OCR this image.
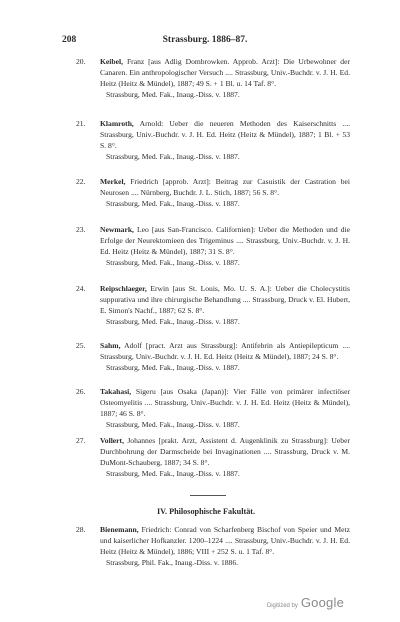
208	Strassburg. 1886–87.
20. Keibel, Franz [aus Adlig Dombrowken. Approb. Arzt]: Die Urbewohner der Canaren. Ein anthropologischer Versuch .... Strassburg, Univ.-Buchdr. v. J. H. Ed. Heitz (Heitz & Mündel), 1887; 49 S. + 1 Bl. u. 14 Taf. 8°.
Strassburg, Med. Fak., Inaug.-Diss. v. 1887.
21. Klamroth, Arnold: Ueber die neueren Methoden des Kaiserschnitts .... Strassburg, Univ.-Buchdr. v. J. H. Ed. Heitz (Heitz & Mündel), 1887; 1 Bl. + 53 S. 8°.
Strassburg, Med. Fak., Inaug.-Diss. v. 1887.
22. Merkel, Friedrich [approb. Arzt]: Beitrag zur Casuistik der Castration bei Neurosen .... Nürnberg, Buchdr. J. L. Stich, 1887; 56 S. 8°.
Strassburg, Med. Fak., Inaug.-Diss. v. 1887.
23. Newmark, Leo [aus San-Francisco. Californien]: Ueber die Methoden und die Erfolge der Neurektomieen des Trigeminus .... Strassburg, Univ.-Buchdr. v. J. H. Ed. Heitz (Heitz & Mündel), 1887; 31 S. 8°.
Strassburg, Med. Fak., Inaug.-Diss. v. 1887.
24. Reipschlaeger, Erwin [aus St. Louis, Mo. U. S. A.]: Ueber die Cholecystitis suppurativa und ihre chirurgische Behandlung .... Strassburg, Druck v. El. Hubert, E. Simon's Nachf., 1887; 62 S. 8°.
Strassburg, Med. Fak., Inaug.-Diss. v. 1887.
25. Sahm, Adolf [pract. Arzt aus Strassburg]: Antifebrin als Antiepilepticum .... Strassburg, Univ.-Buchdr. v. J. H. Ed. Heitz (Heitz & Mündel), 1887; 24 S. 8°.
Strassburg, Med. Fak., Inaug.-Diss. v. 1887.
26. Takahasi, Sigeru [aus Osaka (Japan)]: Vier Fälle von primärer infectiöser Osteomyelitis .... Strassburg, Univ.-Buchdr. v. J. H. Ed. Heitz (Heitz & Mündel), 1887; 46 S. 8°.
Strassburg, Med. Fak., Inaug.-Diss. v. 1887.
27. Vollert, Johannes [prakt. Arzt, Assistent d. Augenklinik zu Strassburg]: Ueber Durchbohrung der Darmscheide bei Invaginationen .... Strassburg, Druck v. M. DuMont-Schauberg, 1887; 34 S. 8°.
Strassburg, Med. Fak., Inaug.-Diss. v. 1887.
IV. Philosophische Fakultät.
28. Bienemann, Friedrich: Conrad von Scharfenberg Bischof von Speier und Metz und kaiserlicher Hofkanzler. 1200–1224 .... Strassburg, Univ.-Buchdr. v. J. H. Ed. Heitz (Heitz & Mündel), 1886; VIII + 252 S. u. 1 Taf. 8°.
Strassburg, Phil. Fak., Inaug.-Diss. v. 1886.
Digitized by Google
